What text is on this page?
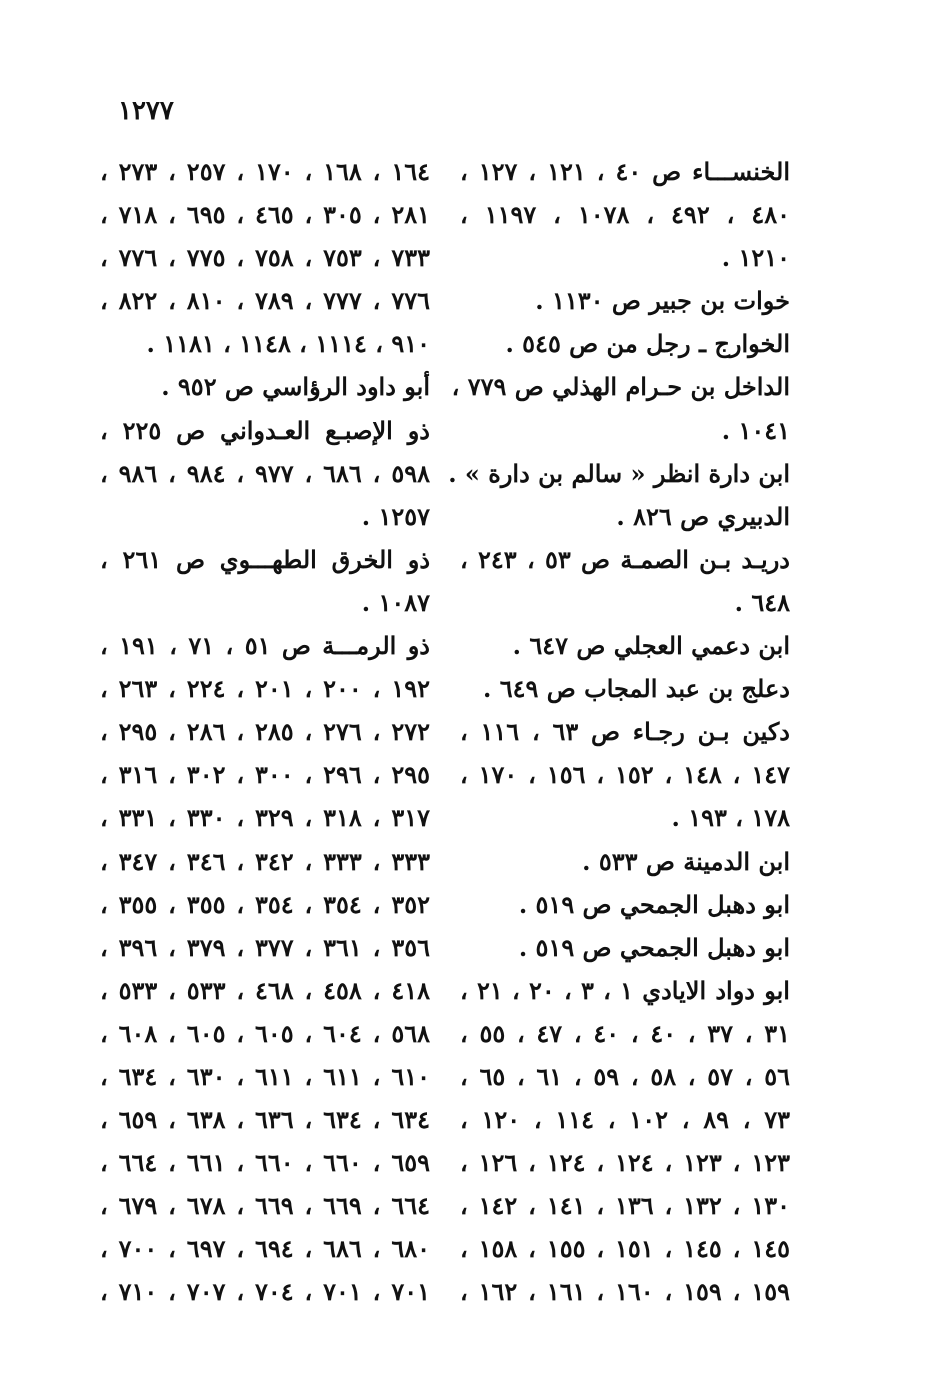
١٢٧٧
الخنســـاء ص ٤٠ ، ١٢١ ، ١٢٧ ،
٤٨٠ ، ٤٩٢ ، ١٠٧٨ ، ١١٩٧ ،
١٢١٠ .
خوات بن جبير ص ١١٣٠ .
الخوارج ـ رجل من ص ٥٤٥ .
الداخل بن حـرام الهذلي ص ٧٧٩ ،
١٠٤١ .
ابن دارة انظر « سالم بن دارة » .
الدبيري ص ٨٢٦ .
دريـد بـن الصمـة ص ٥٣ ، ٢٤٣ ،
٦٤٨ .
ابن دعمي العجلي ص ٦٤٧ .
دعلج بن عبد المجاب ص ٦٤٩ .
دكين بـن رجـاء ص ٦٣ ، ١١٦ ،
١٤٧ ، ١٤٨ ، ١٥٢ ، ١٥٦ ، ١٧٠ ،
١٧٨ ، ١٩٣ .
ابن الدمينة ص ٥٣٣ .
ابو دهبل الجمحي ص ٥١٩ .
ابو دهبل الجمحي ص ٥١٩ .
ابو دواد الايادي ١ ، ٣ ، ٢٠ ، ٢١ ،
٣١ ، ٣٧ ، ٤٠ ، ٤٠ ، ٤٧ ، ٥٥ ،
٥٦ ، ٥٧ ، ٥٨ ، ٥٩ ، ٦١ ، ٦٥ ،
٧٣ ، ٨٩ ، ١٠٢ ، ١١٤ ، ١٢٠ ،
١٢٣ ، ١٢٣ ، ١٢٤ ، ١٢٤ ، ١٢٦ ،
١٣٠ ، ١٣٢ ، ١٣٦ ، ١٤١ ، ١٤٢ ،
١٤٥ ، ١٤٥ ، ١٥١ ، ١٥٥ ، ١٥٨ ،
١٥٩ ، ١٥٩ ، ١٦٠ ، ١٦١ ، ١٦٢ ،
١٦٤ ، ١٦٨ ، ١٧٠ ، ٢٥٧ ، ٢٧٣ ،
٢٨١ ، ٣٠٥ ، ٤٦٥ ، ٦٩٥ ، ٧١٨ ،
٧٣٣ ، ٧٥٣ ، ٧٥٨ ، ٧٧٥ ، ٧٧٦ ،
٧٧٦ ، ٧٧٧ ، ٧٨٩ ، ٨١٠ ، ٨٢٢ ،
٩١٠ ، ١١١٤ ، ١١٤٨ ، ١١٨١ .
أبو داود الرؤاسي ص ٩٥٢ .
ذو الإصبـع العـدواني ص ٢٢٥ ،
٥٩٨ ، ٦٨٦ ، ٩٧٧ ، ٩٨٤ ، ٩٨٦ ،
١٢٥٧ .
ذو الخرق الطهـــوي ص ٢٦١ ،
١٠٨٧ .
ذو الرمـــة ص ٥١ ، ٧١ ، ١٩١ ،
١٩٢ ، ٢٠٠ ، ٢٠١ ، ٢٢٤ ، ٢٦٣ ،
٢٧٢ ، ٢٧٦ ، ٢٨٥ ، ٢٨٦ ، ٢٩٥ ،
٢٩٥ ، ٢٩٦ ، ٣٠٠ ، ٣٠٢ ، ٣١٦ ،
٣١٧ ، ٣١٨ ، ٣٢٩ ، ٣٣٠ ، ٣٣١ ،
٣٣٣ ، ٣٣٣ ، ٣٤٢ ، ٣٤٦ ، ٣٤٧ ،
٣٥٢ ، ٣٥٤ ، ٣٥٤ ، ٣٥٥ ، ٣٥٥ ،
٣٥٦ ، ٣٦١ ، ٣٧٧ ، ٣٧٩ ، ٣٩٦ ،
٤١٨ ، ٤٥٨ ، ٤٦٨ ، ٥٣٣ ، ٥٣٣ ،
٥٦٨ ، ٦٠٤ ، ٦٠٥ ، ٦٠٥ ، ٦٠٨ ،
٦١٠ ، ٦١١ ، ٦١١ ، ٦٣٠ ، ٦٣٤ ،
٦٣٤ ، ٦٣٤ ، ٦٣٦ ، ٦٣٨ ، ٦٥٩ ،
٦٥٩ ، ٦٦٠ ، ٦٦٠ ، ٦٦١ ، ٦٦٤ ،
٦٦٤ ، ٦٦٩ ، ٦٦٩ ، ٦٧٨ ، ٦٧٩ ،
٦٨٠ ، ٦٨٦ ، ٦٩٤ ، ٦٩٧ ، ٧٠٠ ،
٧٠١ ، ٧٠١ ، ٧٠٤ ، ٧٠٧ ، ٧١٠ ،
